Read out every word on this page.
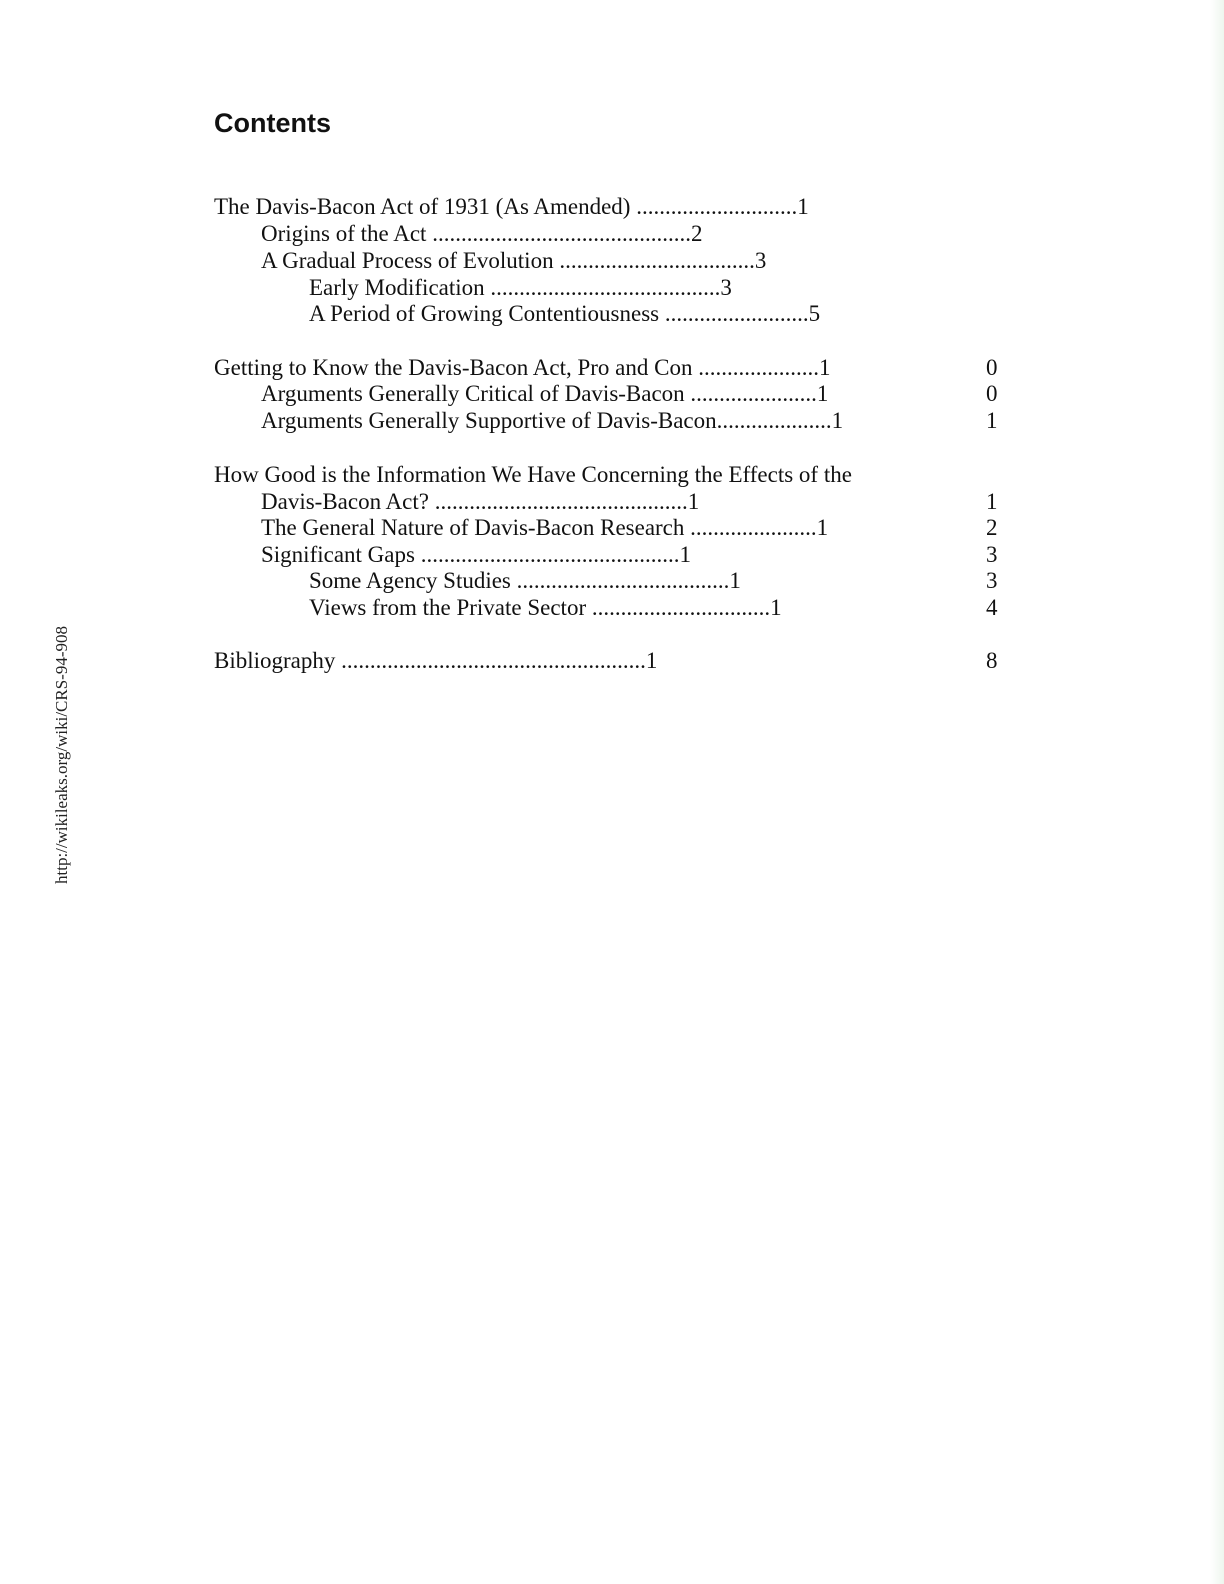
http://wikileaks.org/wiki/CRS-94-908
Contents
The Davis-Bacon Act of 1931 (As Amended) ............................1
Origins of the Act .............................................2
A Gradual Process of Evolution ..................................3
Early Modification ........................................3
A Period of Growing Contentiousness .........................5
Getting to Know the Davis-Bacon Act, Pro and Con .....................1	0
Arguments Generally Critical of Davis-Bacon ......................1	0
Arguments Generally Supportive of Davis-Bacon....................1	1
How Good is the Information We Have Concerning the Effects of the
Davis-Bacon Act? ............................................1	1
The General Nature of Davis-Bacon Research ......................1	2
Significant Gaps .............................................1	3
Some Agency Studies .....................................1	3
Views from the Private Sector ...............................1	4
Bibliography .....................................................1	8
